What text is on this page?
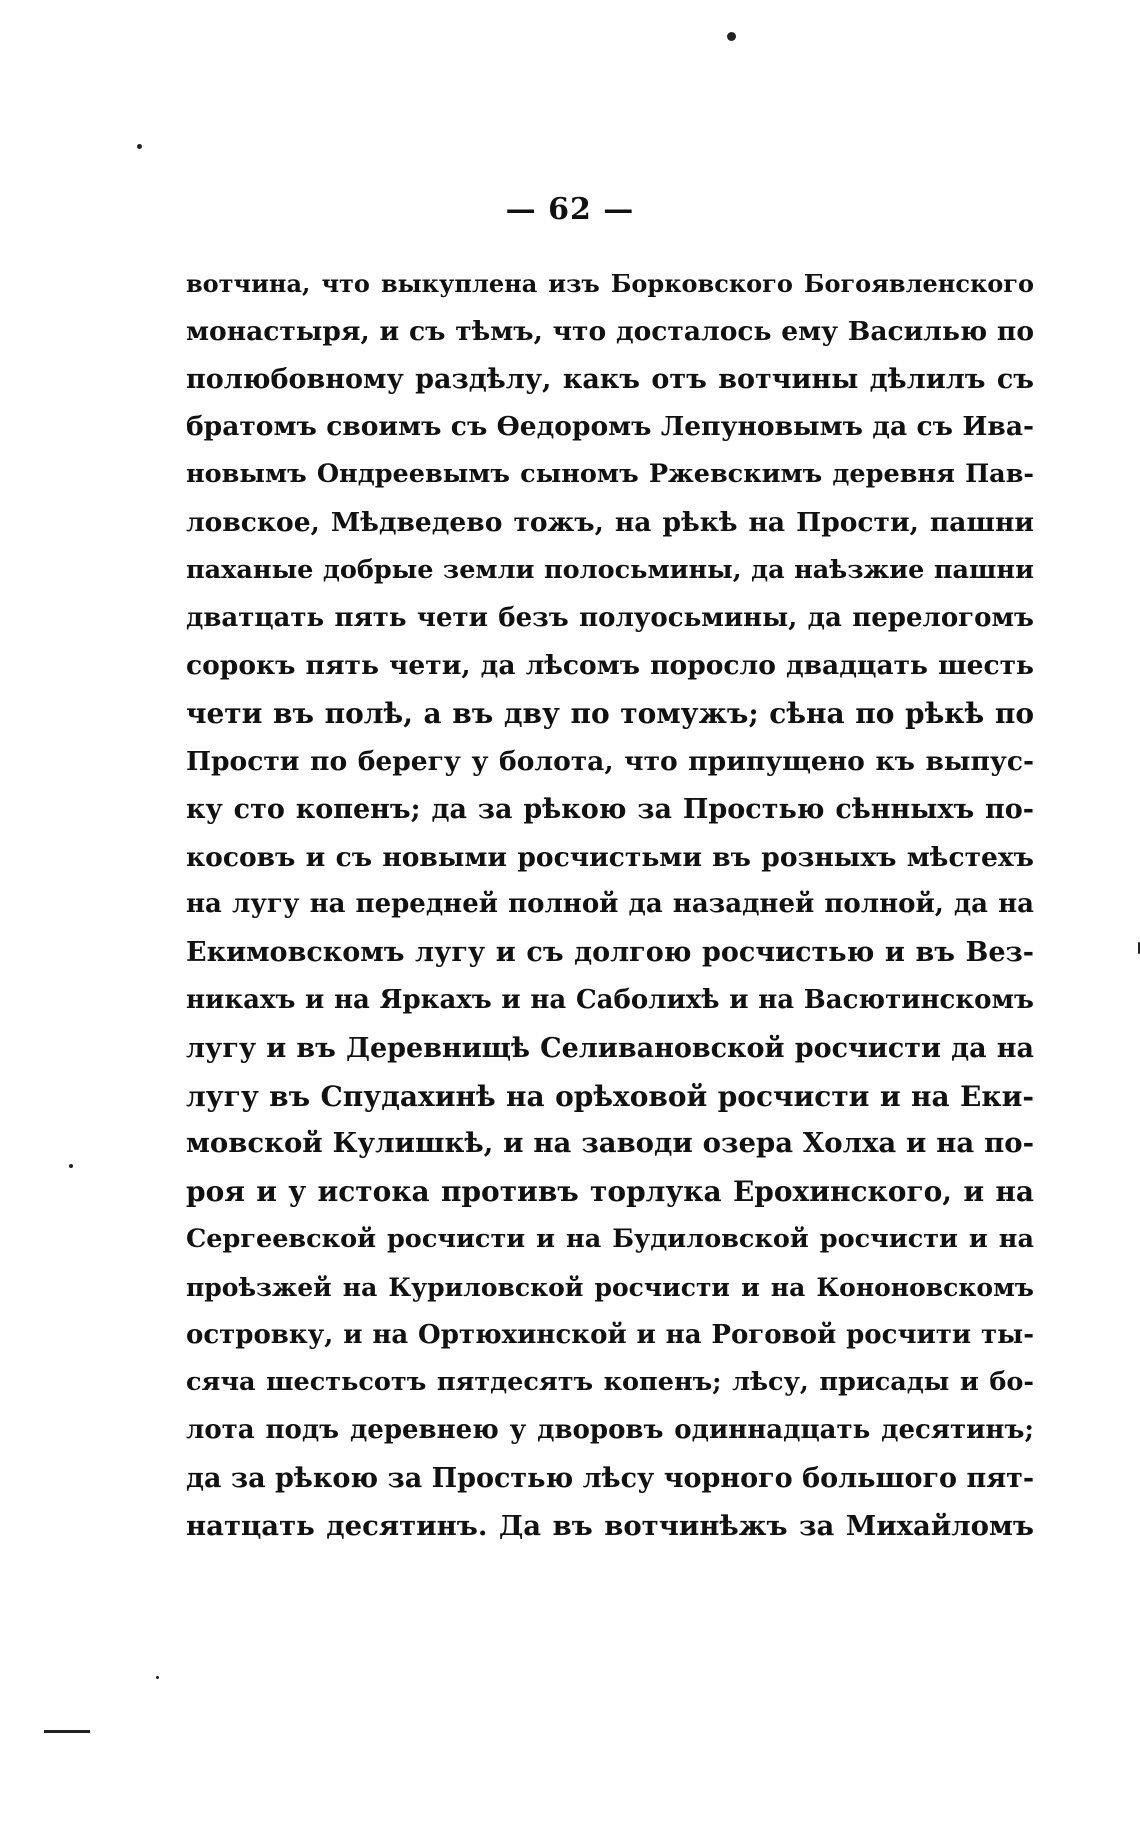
— 62 —
вотчина, что выкуплена изъ Борковского Богоявленского
монастыря, и съ тѣмъ, что досталось ему Василью по
полюбовному раздѣлу, какъ отъ вотчины дѣлилъ съ
братомъ своимъ съ Ѳедоромъ Лепуновымъ да съ Ива-
новымъ Ондреевымъ сыномъ Ржевскимъ деревня Пав-
ловское, Мѣдведево тожъ, на рѣкѣ на Прости, пашни
паханые добрые земли полосьмины, да наѣзжие пашни
дватцать пять чети безъ полуосьмины, да перелогомъ
сорокъ пять чети, да лѣсомъ поросло двадцать шесть
чети въ полѣ, а въ дву по томужъ; сѣна по рѣкѣ по
Прости по берегу у болота, что припущено къ выпус-
ку сто копенъ; да за рѣкою за Простью сѣнныхъ по-
косовъ и съ новыми росчистьми въ розныхъ мѣстехъ
на лугу на передней полной да назадней полной, да на
Екимовскомъ лугу и съ долгою росчистью и въ Вез-
никахъ и на Яркахъ и на Саболихѣ и на Васютинскомъ
лугу и въ Деревнищѣ Селивановской росчисти да на
лугу въ Спудахинѣ на орѣховой росчисти и на Еки-
мовской Кулишкѣ, и на заводи озера Холха и на по-
роя и у истока противъ торлука Ерохинского, и на
Сергеевской росчисти и на Будиловской росчисти и на
проѣзжей на Куриловской росчисти и на Кононовскомъ
островку, и на Ортюхинской и на Роговой росчити ты-
сяча шестьсотъ пятдесятъ копенъ; лѣсу, присады и бо-
лота подъ деревнею у дворовъ одиннадцать десятинъ;
да за рѣкою за Простью лѣсу чорного большого пят-
натцать десятинъ. Да въ вотчинѣжъ за Михайломъ
